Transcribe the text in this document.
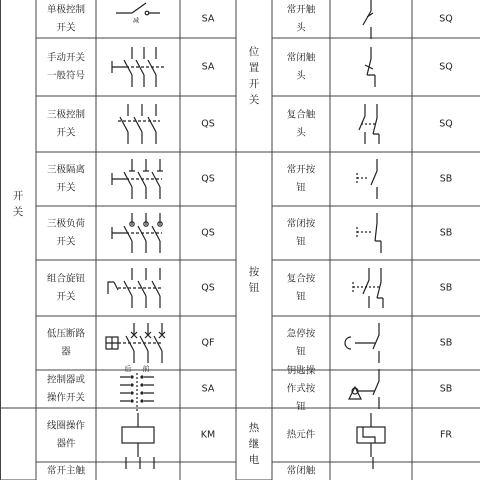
开
关
位
置
开
关
按
钮
热
继
电
单极控制
开关
SA
手动开关
一般符号
SA
三极控制
开关
QS
三极隔离
开关
QS
三极负荷
开关
QS
组合旋钮
开关
QS
低压断路
器
QF
控制器或
操作开关
SA
线圈操作
器件
KM
常开主触
常开触
头
SQ
常闭触
头
SQ
复合触
头
SQ
常开按
钮
SB
常闭按
钮
SB
复合按
钮
SB
急停按
钮
SB
钥匙操
作式按
钮
SB
热元件	FR
常闭触
减
后 前
